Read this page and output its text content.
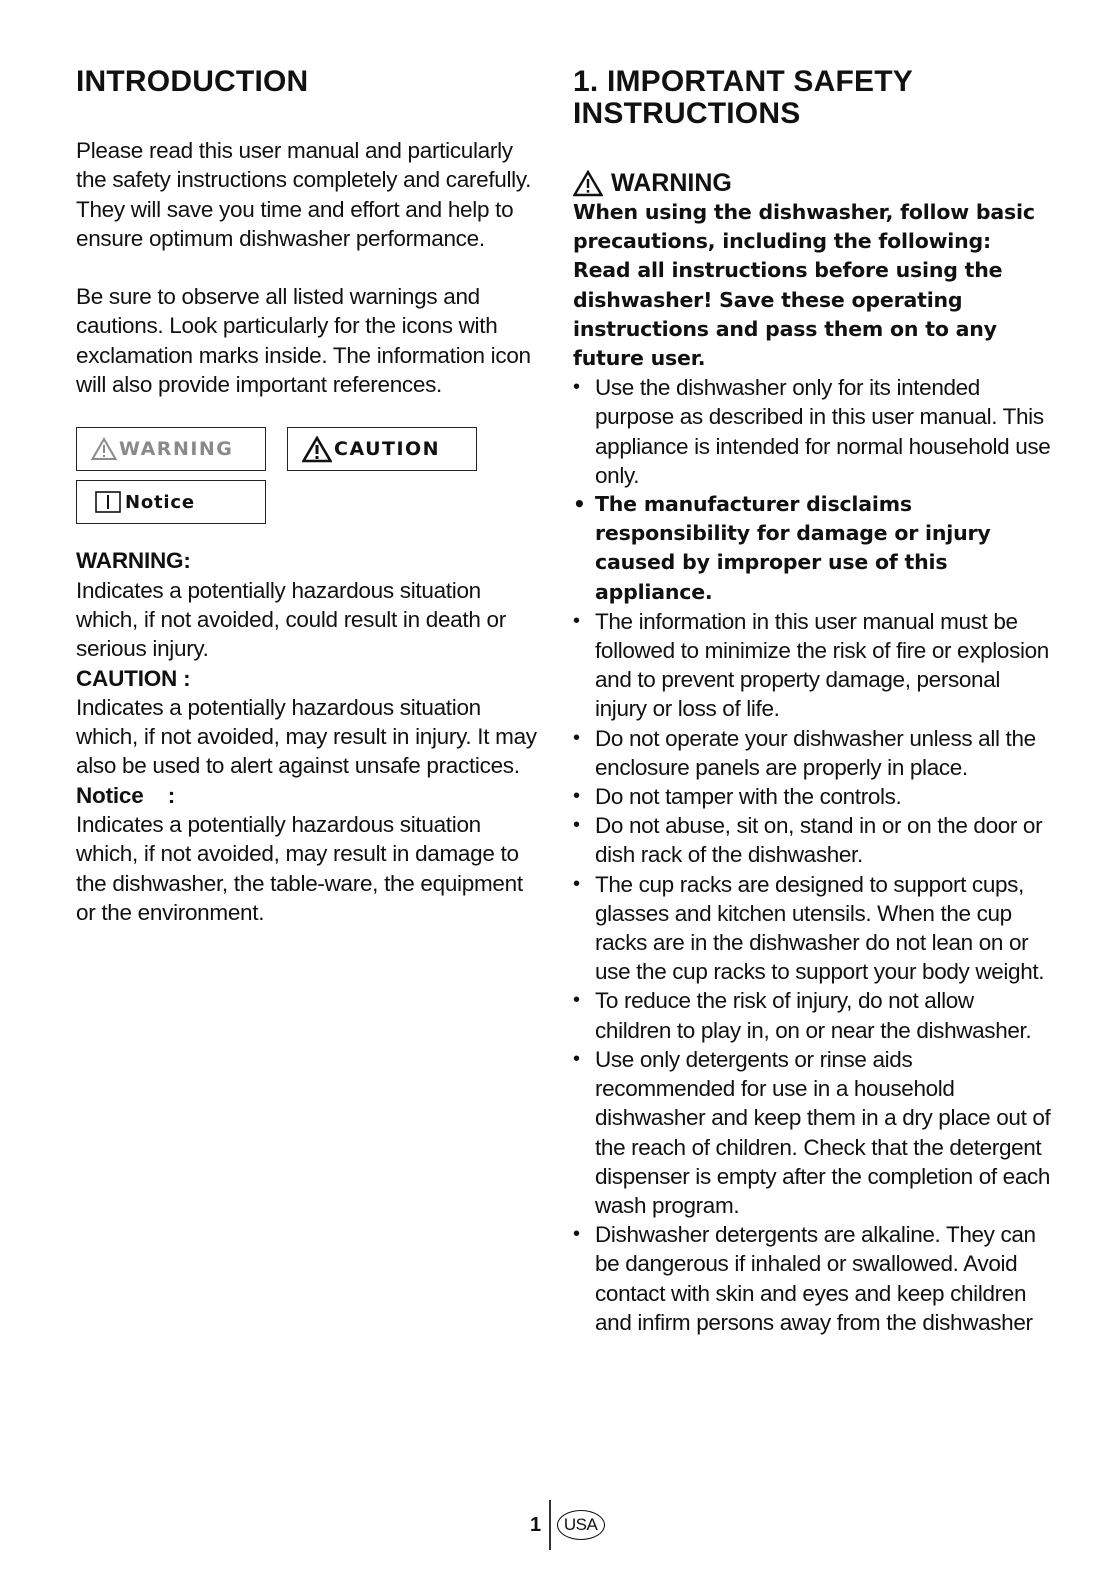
INTRODUCTION

Please read this user manual and particularly the safety instructions completely and carefully. They will save you time and effort and help to ensure optimum dishwasher performance.

Be sure to observe all listed warnings and cautions. Look particularly for the icons with exclamation marks inside. The information icon will also provide important references.

WARNING	CAUTION
Notice
WARNING:

Indicates a potentially hazardous situation which, if not avoided, could result in death or serious injury.

CAUTION :

Indicates a potentially hazardous situation which, if not avoided, may result in injury. It may also be used to alert against unsafe practices.

Notice    :

Indicates a potentially hazardous situation which, if not avoided, may result in damage to the dishwasher, the table-ware, the equipment or the environment.

1. IMPORTANT SAFETY INSTRUCTIONS
WARNING

When using the dishwasher, follow basic precautions, including the following:

Read all instructions before using the dishwasher! Save these operating instructions and pass them on to any future user.

• Use the dishwasher only for its intended purpose as described in this user manual. This appliance is intended for normal household use only.
• The manufacturer disclaims responsibility for damage or injury caused by improper use of this appliance.
• The information in this user manual must be followed to minimize the risk of fire or explosion and to prevent property damage, personal injury or loss of life.
• Do not operate your dishwasher unless all the enclosure panels are properly in place.
• Do not tamper with the controls.
• Do not abuse, sit on, stand in or on the door or dish rack of the dishwasher.
• The cup racks are designed to support cups, glasses and kitchen utensils. When the cup racks are in the dishwasher do not lean on or use the cup racks to support your body weight.
• To reduce the risk of injury, do not allow children to play in, on or near the dishwasher.
• Use only detergents or rinse aids recommended for use in a household dishwasher and keep them in a dry place out of the reach of children. Check that the detergent dispenser is empty after the completion of each wash program.
• Dishwasher detergents are alkaline. They can be dangerous if inhaled or swallowed. Avoid contact with skin and eyes and keep children and infirm persons away from the dishwasher
1	USA
